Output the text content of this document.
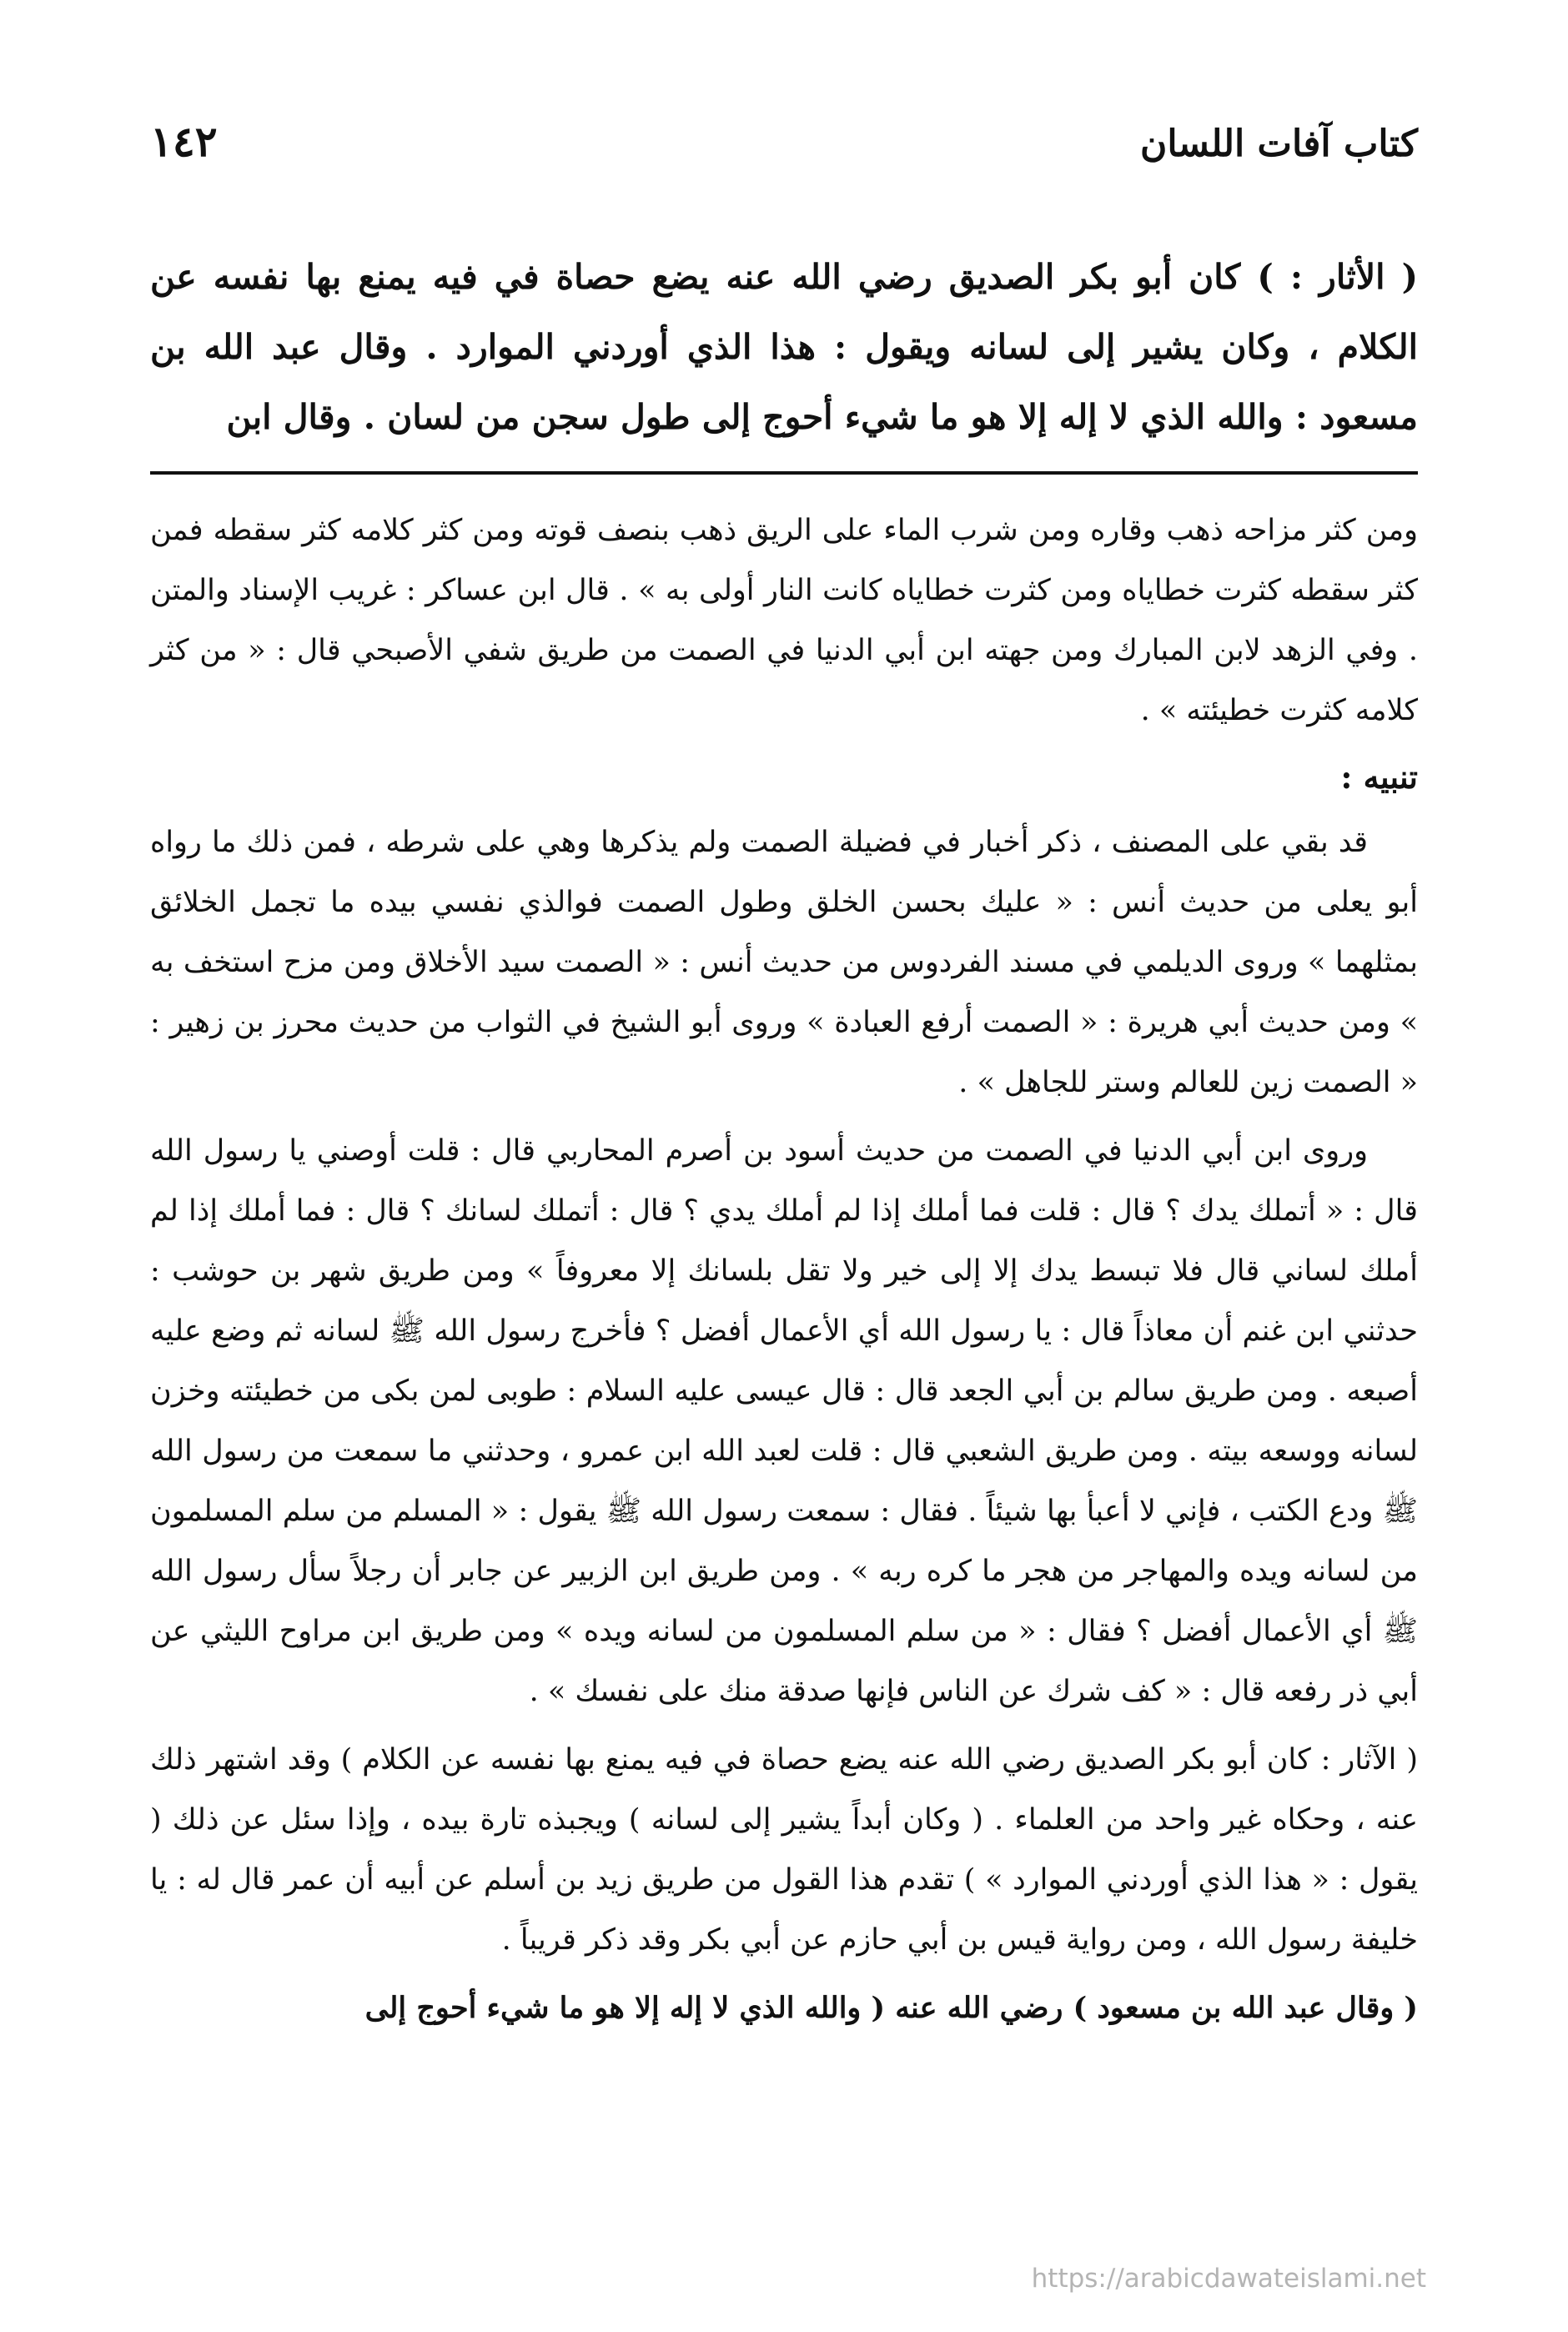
كتاب آفات اللسان
١٤٢
( الأثار : ) كان أبو بكر الصديق رضي الله عنه يضع حصاة في فيه يمنع بها نفسه عن الكلام ، وكان يشير إلى لسانه ويقول : هذا الذي أوردني الموارد . وقال عبد الله بن مسعود : والله الذي لا إله إلا هو ما شيء أحوج إلى طول سجن من لسان . وقال ابن

ومن كثر مزاحه ذهب وقاره ومن شرب الماء على الريق ذهب بنصف قوته ومن كثر كلامه كثر سقطه فمن كثر سقطه كثرت خطاياه ومن كثرت خطاياه كانت النار أولى به » . قال ابن عساكر : غريب الإسناد والمتن . وفي الزهد لابن المبارك ومن جهته ابن أبي الدنيا في الصمت من طريق شفي الأصبحي قال : « من كثر كلامه كثرت خطيئته » .

تنبيه :

قد بقي على المصنف ، ذكر أخبار في فضيلة الصمت ولم يذكرها وهي على شرطه ، فمن ذلك ما رواه أبو يعلى من حديث أنس : « عليك بحسن الخلق وطول الصمت فوالذي نفسي بيده ما تجمل الخلائق بمثلهما » وروى الديلمي في مسند الفردوس من حديث أنس : « الصمت سيد الأخلاق ومن مزح استخف به » ومن حديث أبي هريرة : « الصمت أرفع العبادة » وروى أبو الشيخ في الثواب من حديث محرز بن زهير : « الصمت زين للعالم وستر للجاهل » .

وروى ابن أبي الدنيا في الصمت من حديث أسود بن أصرم المحاربي قال : قلت أوصني يا رسول الله قال : « أتملك يدك ؟ قال : قلت فما أملك إذا لم أملك يدي ؟ قال : أتملك لسانك ؟ قال : فما أملك إذا لم أملك لساني قال فلا تبسط يدك إلا إلى خير ولا تقل بلسانك إلا معروفاً » ومن طريق شهر بن حوشب : حدثني ابن غنم أن معاذاً قال : يا رسول الله أي الأعمال أفضل ؟ فأخرج رسول الله ﷺ لسانه ثم وضع عليه أصبعه . ومن طريق سالم بن أبي الجعد قال : قال عيسى عليه السلام : طوبى لمن بكى من خطيئته وخزن لسانه ووسعه بيته . ومن طريق الشعبي قال : قلت لعبد الله ابن عمرو ، وحدثني ما سمعت من رسول الله ﷺ ودع الكتب ، فإني لا أعبأ بها شيئاً . فقال : سمعت رسول الله ﷺ يقول : « المسلم من سلم المسلمون من لسانه ويده والمهاجر من هجر ما كره ربه » . ومن طريق ابن الزبير عن جابر أن رجلاً سأل رسول الله ﷺ أي الأعمال أفضل ؟ فقال : « من سلم المسلمون من لسانه ويده » ومن طريق ابن مراوح الليثي عن أبي ذر رفعه قال : « كف شرك عن الناس فإنها صدقة منك على نفسك » .

( الآثار : كان أبو بكر الصديق رضي الله عنه يضع حصاة في فيه يمنع بها نفسه عن الكلام ) وقد اشتهر ذلك عنه ، وحكاه غير واحد من العلماء . ( وكان أبداً يشير إلى لسانه ) ويجبذه تارة بيده ، وإذا سئل عن ذلك ( يقول : « هذا الذي أوردني الموارد » ) تقدم هذا القول من طريق زيد بن أسلم عن أبيه أن عمر قال له : يا خليفة رسول الله ، ومن رواية قيس بن أبي حازم عن أبي بكر وقد ذكر قريباً .

( وقال عبد الله بن مسعود ) رضي الله عنه ( والله الذي لا إله إلا هو ما شيء أحوج إلى

https://arabicdawateislami.net
